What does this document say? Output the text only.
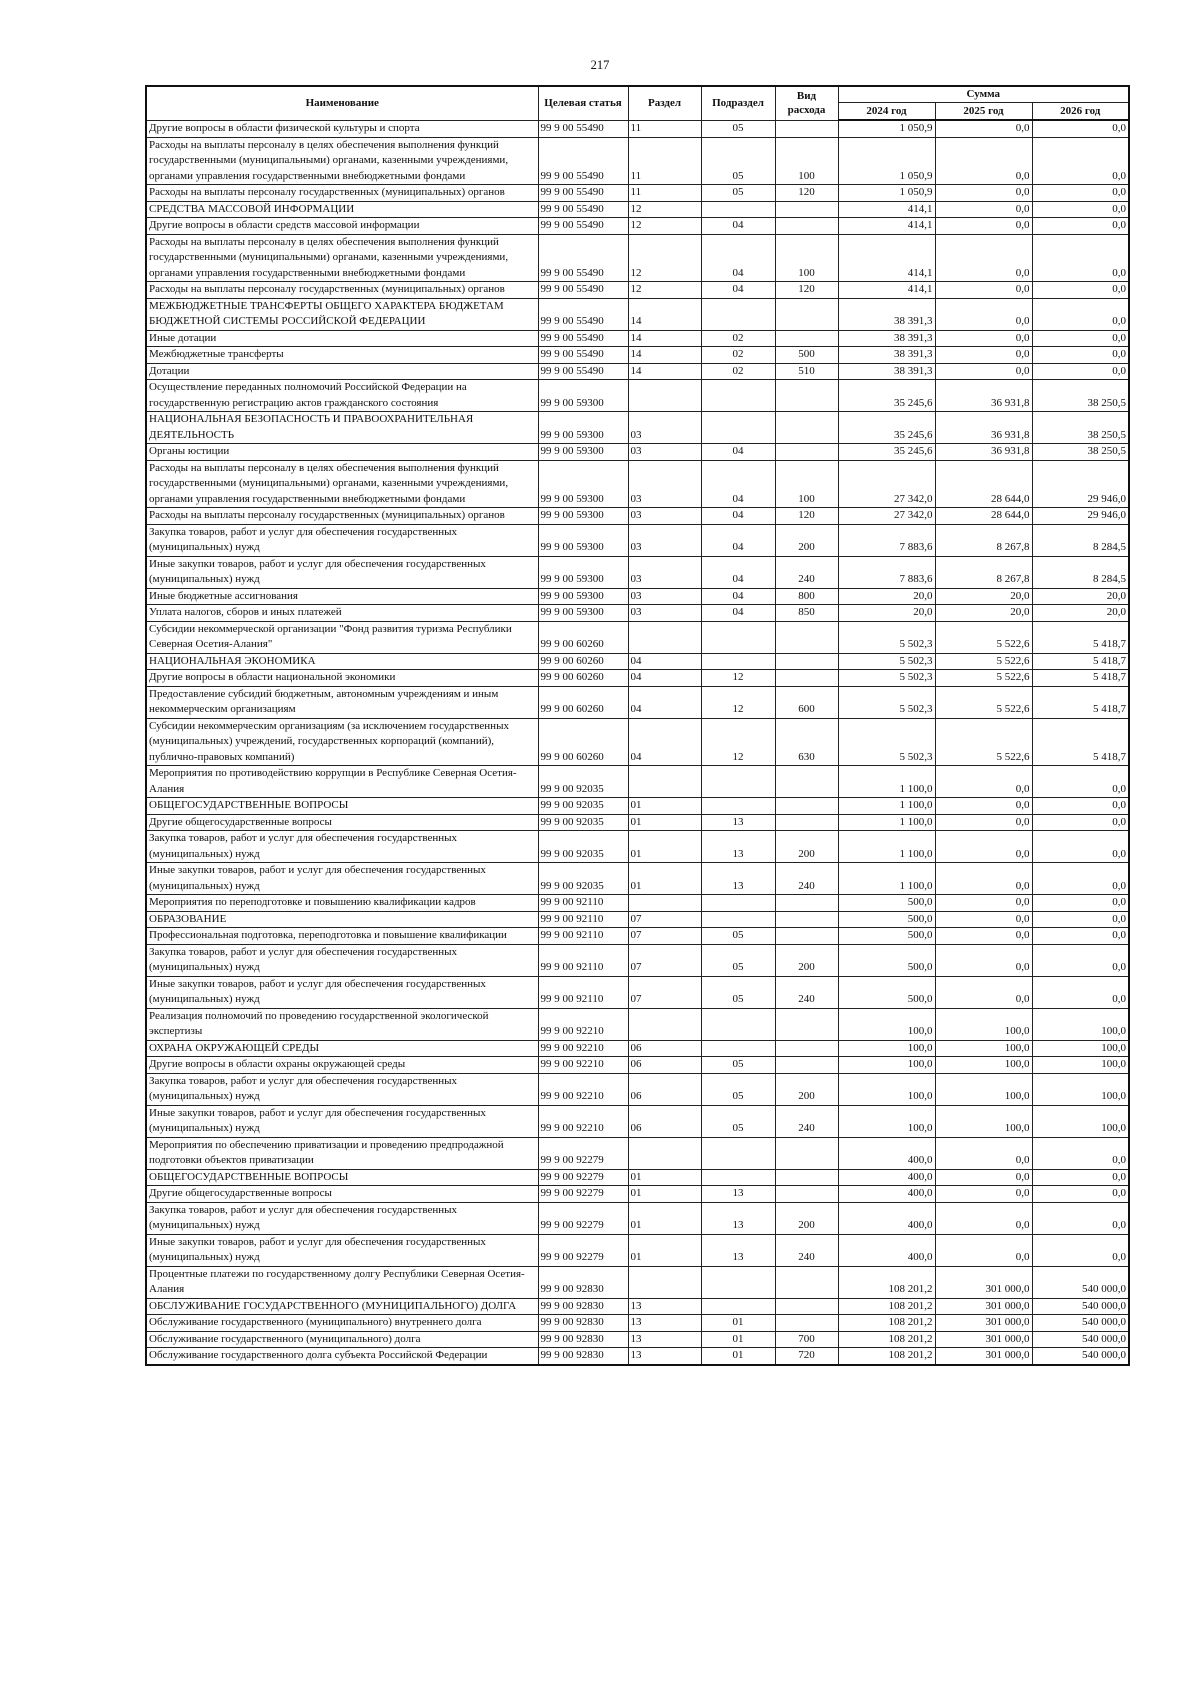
217
Наименование	Целевая статья	Раздел	Подраздел	Вид расхода	Сумма		
					2024 год	2025 год	2026 год
Другие вопросы в области физической культуры и спорта	99 9 00 55490	11	05		1 050,9	0,0	0,0
Расходы на выплаты персоналу в целях обеспечения выполнения функций государственными (муниципальными) органами, казенными учреждениями, органами управления государственными внебюджетными фондами	99 9 00 55490	11	05	100	1 050,9	0,0	0,0
Расходы на выплаты персоналу государственных (муниципальных) органов	99 9 00 55490	11	05	120	1 050,9	0,0	0,0
СРЕДСТВА МАССОВОЙ ИНФОРМАЦИИ	99 9 00 55490	12			414,1	0,0	0,0
Другие вопросы в области средств массовой информации	99 9 00 55490	12	04		414,1	0,0	0,0
Расходы на выплаты персоналу в целях обеспечения выполнения функций государственными (муниципальными) органами, казенными учреждениями, органами управления государственными внебюджетными фондами	99 9 00 55490	12	04	100	414,1	0,0	0,0
Расходы на выплаты персоналу государственных (муниципальных) органов	99 9 00 55490	12	04	120	414,1	0,0	0,0
МЕЖБЮДЖЕТНЫЕ ТРАНСФЕРТЫ ОБЩЕГО ХАРАКТЕРА БЮДЖЕТАМ БЮДЖЕТНОЙ СИСТЕМЫ РОССИЙСКОЙ ФЕДЕРАЦИИ	99 9 00 55490	14			38 391,3	0,0	0,0
Иные дотации	99 9 00 55490	14	02		38 391,3	0,0	0,0
Межбюджетные трансферты	99 9 00 55490	14	02	500	38 391,3	0,0	0,0
Дотации	99 9 00 55490	14	02	510	38 391,3	0,0	0,0
Осуществление переданных полномочий Российской Федерации на государственную регистрацию актов гражданского состояния	99 9 00 59300				35 245,6	36 931,8	38 250,5
НАЦИОНАЛЬНАЯ БЕЗОПАСНОСТЬ И ПРАВООХРАНИТЕЛЬНАЯ ДЕЯТЕЛЬНОСТЬ	99 9 00 59300	03			35 245,6	36 931,8	38 250,5
Органы юстиции	99 9 00 59300	03	04		35 245,6	36 931,8	38 250,5
Расходы на выплаты персоналу в целях обеспечения выполнения функций государственными (муниципальными) органами, казенными учреждениями, органами управления государственными внебюджетными фондами	99 9 00 59300	03	04	100	27 342,0	28 644,0	29 946,0
Расходы на выплаты персоналу государственных (муниципальных) органов	99 9 00 59300	03	04	120	27 342,0	28 644,0	29 946,0
Закупка товаров, работ и услуг для обеспечения государственных (муниципальных) нужд	99 9 00 59300	03	04	200	7 883,6	8 267,8	8 284,5
Иные закупки товаров, работ и услуг для обеспечения государственных (муниципальных) нужд	99 9 00 59300	03	04	240	7 883,6	8 267,8	8 284,5
Иные бюджетные ассигнования	99 9 00 59300	03	04	800	20,0	20,0	20,0
Уплата налогов, сборов и иных платежей	99 9 00 59300	03	04	850	20,0	20,0	20,0
Субсидии некоммерческой организации "Фонд развития туризма Республики Северная Осетия-Алания"	99 9 00 60260				5 502,3	5 522,6	5 418,7
НАЦИОНАЛЬНАЯ ЭКОНОМИКА	99 9 00 60260	04			5 502,3	5 522,6	5 418,7
Другие вопросы в области национальной экономики	99 9 00 60260	04	12		5 502,3	5 522,6	5 418,7
Предоставление субсидий бюджетным, автономным учреждениям и иным некоммерческим организациям	99 9 00 60260	04	12	600	5 502,3	5 522,6	5 418,7
Субсидии некоммерческим организациям (за исключением государственных (муниципальных) учреждений, государственных корпораций (компаний), публично-правовых компаний)	99 9 00 60260	04	12	630	5 502,3	5 522,6	5 418,7
Мероприятия по противодействию коррупции в Республике Северная Осетия-Алания	99 9 00 92035				1 100,0	0,0	0,0
ОБЩЕГОСУДАРСТВЕННЫЕ ВОПРОСЫ	99 9 00 92035	01			1 100,0	0,0	0,0
Другие общегосударственные вопросы	99 9 00 92035	01	13		1 100,0	0,0	0,0
Закупка товаров, работ и услуг для обеспечения государственных (муниципальных) нужд	99 9 00 92035	01	13	200	1 100,0	0,0	0,0
Иные закупки товаров, работ и услуг для обеспечения государственных (муниципальных) нужд	99 9 00 92035	01	13	240	1 100,0	0,0	0,0
Мероприятия по переподготовке и повышению квалификации кадров	99 9 00 92110				500,0	0,0	0,0
ОБРАЗОВАНИЕ	99 9 00 92110	07			500,0	0,0	0,0
Профессиональная подготовка, переподготовка и повышение квалификации	99 9 00 92110	07	05		500,0	0,0	0,0
Закупка товаров, работ и услуг для обеспечения государственных (муниципальных) нужд	99 9 00 92110	07	05	200	500,0	0,0	0,0
Иные закупки товаров, работ и услуг для обеспечения государственных (муниципальных) нужд	99 9 00 92110	07	05	240	500,0	0,0	0,0
Реализация полномочий по проведению государственной экологической экспертизы	99 9 00 92210				100,0	100,0	100,0
ОХРАНА ОКРУЖАЮЩЕЙ СРЕДЫ	99 9 00 92210	06			100,0	100,0	100,0
Другие вопросы в области охраны окружающей среды	99 9 00 92210	06	05		100,0	100,0	100,0
Закупка товаров, работ и услуг для обеспечения государственных (муниципальных) нужд	99 9 00 92210	06	05	200	100,0	100,0	100,0
Иные закупки товаров, работ и услуг для обеспечения государственных (муниципальных) нужд	99 9 00 92210	06	05	240	100,0	100,0	100,0
Мероприятия по обеспечению приватизации и проведению предпродажной подготовки объектов приватизации	99 9 00 92279				400,0	0,0	0,0
ОБЩЕГОСУДАРСТВЕННЫЕ ВОПРОСЫ	99 9 00 92279	01			400,0	0,0	0,0
Другие общегосударственные вопросы	99 9 00 92279	01	13		400,0	0,0	0,0
Закупка товаров, работ и услуг для обеспечения государственных (муниципальных) нужд	99 9 00 92279	01	13	200	400,0	0,0	0,0
Иные закупки товаров, работ и услуг для обеспечения государственных (муниципальных) нужд	99 9 00 92279	01	13	240	400,0	0,0	0,0
Процентные платежи по государственному долгу Республики Северная Осетия-Алания	99 9 00 92830				108 201,2	301 000,0	540 000,0
ОБСЛУЖИВАНИЕ ГОСУДАРСТВЕННОГО (МУНИЦИПАЛЬНОГО) ДОЛГА	99 9 00 92830	13			108 201,2	301 000,0	540 000,0
Обслуживание государственного (муниципального) внутреннего долга	99 9 00 92830	13	01		108 201,2	301 000,0	540 000,0
Обслуживание государственного (муниципального) долга	99 9 00 92830	13	01	700	108 201,2	301 000,0	540 000,0
Обслуживание государственного долга субъекта Российской Федерации	99 9 00 92830	13	01	720	108 201,2	301 000,0	540 000,0
